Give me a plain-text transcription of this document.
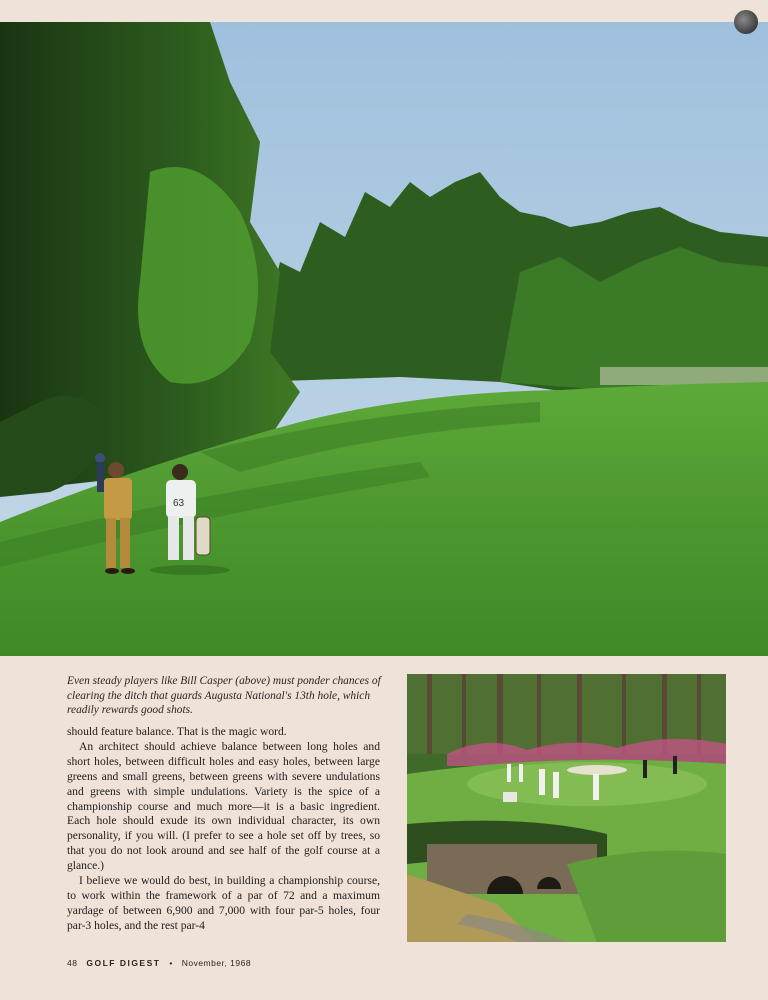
63

Even steady players like Bill Casper (above) must ponder chances of clearing the ditch that guards Augusta National's 13th hole, which readily rewards good shots.

should feature balance. That is the magic word.

An architect should achieve balance between long holes and short holes, between difficult holes and easy holes, between large greens and small greens, between greens with severe undulations and greens with simple undulations. Variety is the spice of a championship course and much more—it is a basic ingredient. Each hole should exude its own individual character, its own personality, if you will. (I prefer to see a hole set off by trees, so that you do not look around and see half of the golf course at a glance.)

I believe we would do best, in building a championship course, to work within the framework of a par of 72 and a maximum yardage of between 6,900 and 7,000 with four par-5 holes, four par-3 holes, and the rest par-4

48 GOLF DIGEST • November, 1968
